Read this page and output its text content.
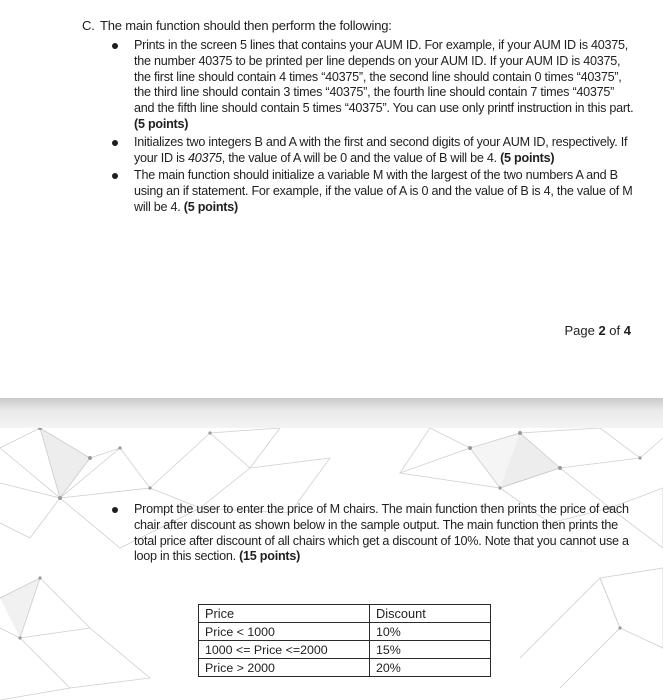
C. The main function should then perform the following:
Prints in the screen 5 lines that contains your AUM ID. For example, if your AUM ID is 40375, the number 40375 to be printed per line depends on your AUM ID. If your AUM ID is 40375, the first line should contain 4 times “40375”, the second line should contain 0 times “40375”, the third line should contain 3 times “40375”, the fourth line should contain 7 times “40375” and the fifth line should contain 5 times “40375”. You can use only printf instruction in this part. (5 points)
Initializes two integers B and A with the first and second digits of your AUM ID, respectively. If your ID is 40375, the value of A will be 0 and the value of B will be 4. (5 points)
The main function should initialize a variable M with the largest of the two numbers A and B using an if statement. For example, if the value of A is 0 and the value of B is 4, the value of M will be 4. (5 points)
Page 2 of 4
Prompt the user to enter the price of M chairs. The main function then prints the price of each chair after discount as shown below in the sample output. The main function then prints the total price after discount of all chairs which get a discount of 10%. Note that you cannot use a loop in this section. (15 points)
Price	Discount
Price < 1000	10%
1000 <= Price <=2000	15%
Price > 2000	20%
